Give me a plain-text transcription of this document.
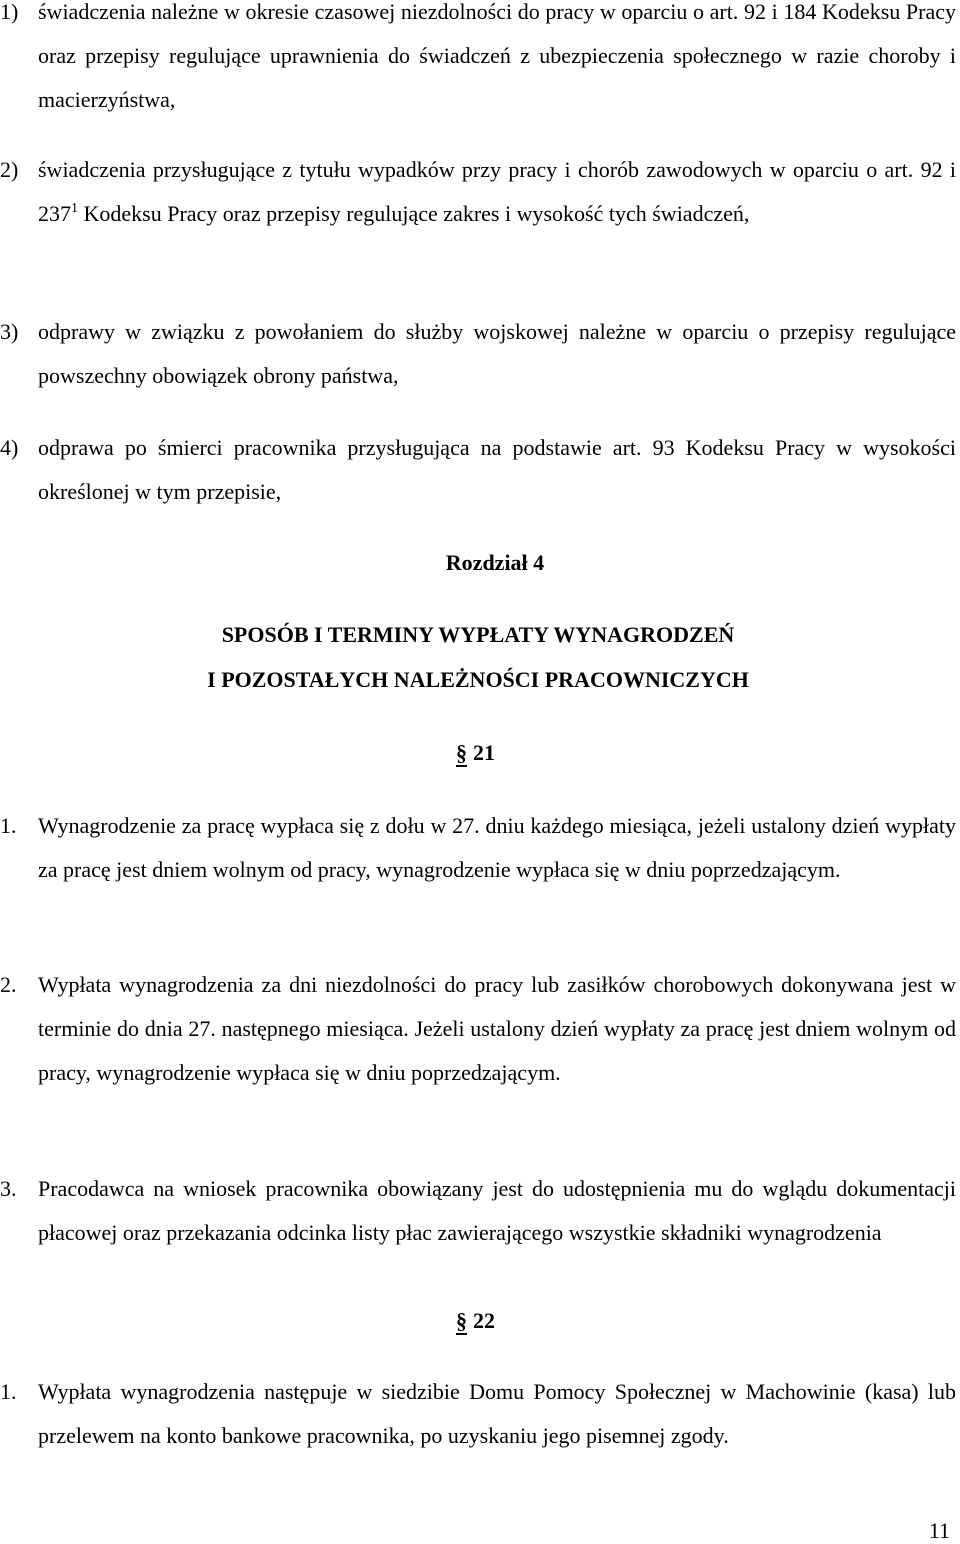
1) świadczenia należne w okresie czasowej niezdolności do pracy w oparciu o art. 92 i 184 Kodeksu Pracy oraz przepisy regulujące uprawnienia do świadczeń z ubezpieczenia społecznego w razie choroby i macierzyństwa,
2) świadczenia przysługujące z tytułu wypadków przy pracy i chorób zawodowych w oparciu o art. 92 i $237^1$ Kodeksu Pracy oraz przepisy regulujące zakres i wysokość tych świadczeń,
3) odprawy w związku z powołaniem do służby wojskowej należne w oparciu o przepisy regulujące powszechny obowiązek obrony państwa,
4) odprawa po śmierci pracownika przysługująca na podstawie art. 93 Kodeksu Pracy w wysokości określonej w tym przepisie,
Rozdział 4
SPOSÓB I TERMINY WYPŁATY WYNAGRODZEŃ
I POZOSTAŁYCH NALEŻNOŚCI PRACOWNICZYCH
§ 21
1. Wynagrodzenie za pracę wypłaca się z dołu w 27. dniu każdego miesiąca, jeżeli ustalony dzień wypłaty za pracę jest dniem wolnym od pracy, wynagrodzenie wypłaca się w dniu poprzedzającym.
2. Wypłata wynagrodzenia za dni niezdolności do pracy lub zasiłków chorobowych dokonywana jest w terminie do dnia 27. następnego miesiąca. Jeżeli ustalony dzień wypłaty za pracę jest dniem wolnym od pracy, wynagrodzenie wypłaca się w dniu poprzedzającym.
3. Pracodawca na wniosek pracownika obowiązany jest do udostępnienia mu do wglądu dokumentacji płacowej oraz przekazania odcinka listy płac zawierającego wszystkie składniki wynagrodzenia
§ 22
1. Wypłata wynagrodzenia następuje w siedzibie Domu Pomocy Społecznej w Machowinie (kasa) lub przelewem na konto bankowe pracownika, po uzyskaniu jego pisemnej zgody.
11
